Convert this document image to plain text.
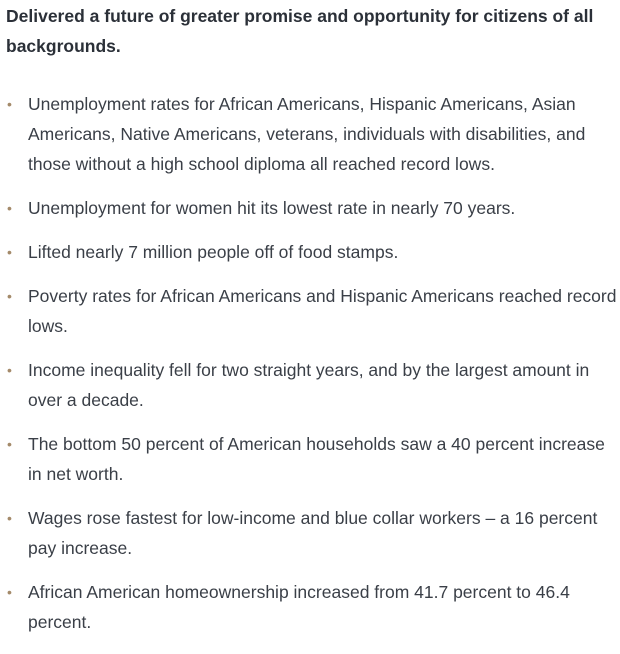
Delivered a future of greater promise and opportunity for citizens of all backgrounds.
• Unemployment rates for African Americans, Hispanic Americans, Asian Americans, Native Americans, veterans, individuals with disabilities, and those without a high school diploma all reached record lows.
• Unemployment for women hit its lowest rate in nearly 70 years.
• Lifted nearly 7 million people off of food stamps.
• Poverty rates for African Americans and Hispanic Americans reached record lows.
• Income inequality fell for two straight years, and by the largest amount in over a decade.
• The bottom 50 percent of American households saw a 40 percent increase in net worth.
• Wages rose fastest for low-income and blue collar workers – a 16 percent pay increase.
• African American homeownership increased from 41.7 percent to 46.4 percent.
